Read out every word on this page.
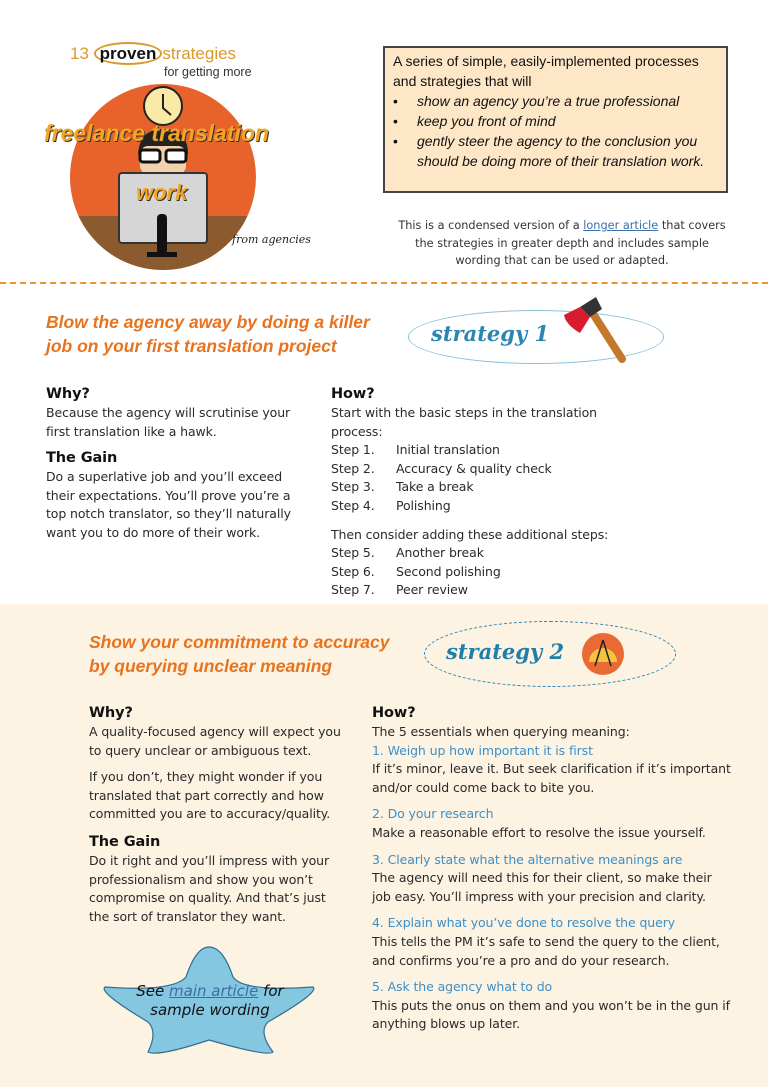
13 proven strategies
for getting more
freelance translation
work
from agencies
A series of simple, easily-implemented processes and strategies that will
•	show an agency you’re a true professional
•	keep you front of mind
•	gently steer the agency to the conclusion you should be doing more of their translation work.
This is a condensed version of a longer article that covers the strategies in greater depth and includes sample wording that can be used or adapted.
Blow the agency away by doing a killer job on your first translation project	strategy 1
Why?
Because the agency will scrutinise your first translation like a hawk.
The Gain
Do a superlative job and you’ll exceed their expectations. You’ll prove you’re a top notch translator, so they’ll naturally want you to do more of their work.
How?
Start with the basic steps in the translation process:
Step 1.	Initial translation
Step 2.	Accuracy & quality check
Step 3.	Take a break
Step 4.	Polishing
Then consider adding these additional steps:
Step 5.	Another break
Step 6.	Second polishing
Step 7.	Peer review
Show your commitment to accuracy by querying unclear meaning
strategy 2
Why?

A quality-focused agency will expect you to query unclear or ambiguous text.

If you don’t, they might wonder if you translated that part correctly and how committed you are to accuracy/quality.

The Gain
Do it right and you’ll impress with your professionalism and show you won’t compromise on quality. And that’s just the sort of translator they want.
How?
The 5 essentials when querying meaning:
1. Weigh up how important it is first

If it’s minor, leave it. But seek clarification if it’s important and/or could come back to bite you.

2. Do your research

Make a reasonable effort to resolve the issue yourself.

3. Clearly state what the alternative meanings are

The agency will need this for their client, so make their job easy. You’ll impress with your precision and clarity.

4. Explain what you’ve done to resolve the query

This tells the PM it’s safe to send the query to the client, and confirms you’re a pro and do your research.

5. Ask the agency what to do

This puts the onus on them and you won’t be in the gun if anything blows up later.

See main article for
sample wording
